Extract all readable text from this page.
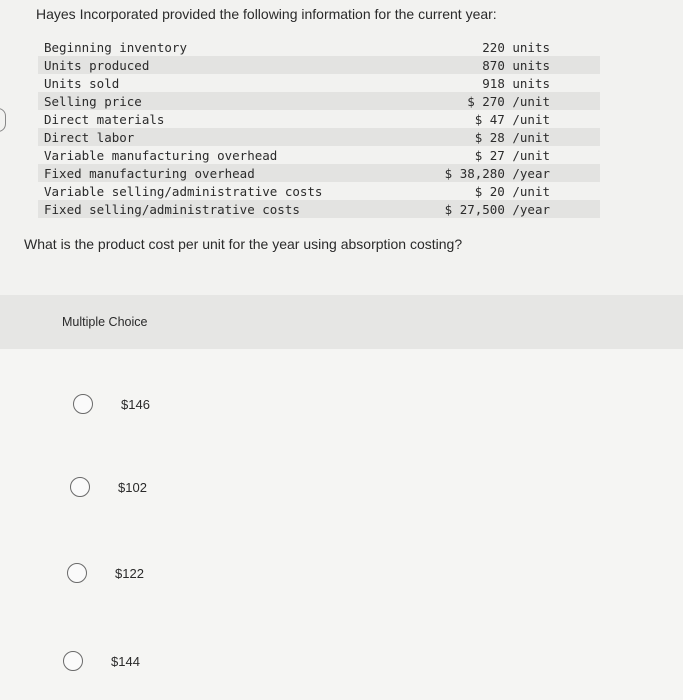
Hayes Incorporated provided the following information for the current year:
Beginning inventory	220 units
Units produced	870 units
Units sold	918 units
Selling price	$ 270 /unit
Direct materials	$ 47 /unit
Direct labor	$ 28 /unit
Variable manufacturing overhead	$ 27 /unit
Fixed manufacturing overhead	$ 38,280 /year
Variable selling/administrative costs	$ 20 /unit
Fixed selling/administrative costs	$ 27,500 /year
What is the product cost per unit for the year using absorption costing?
Multiple Choice
$146
$102
$122
$144
